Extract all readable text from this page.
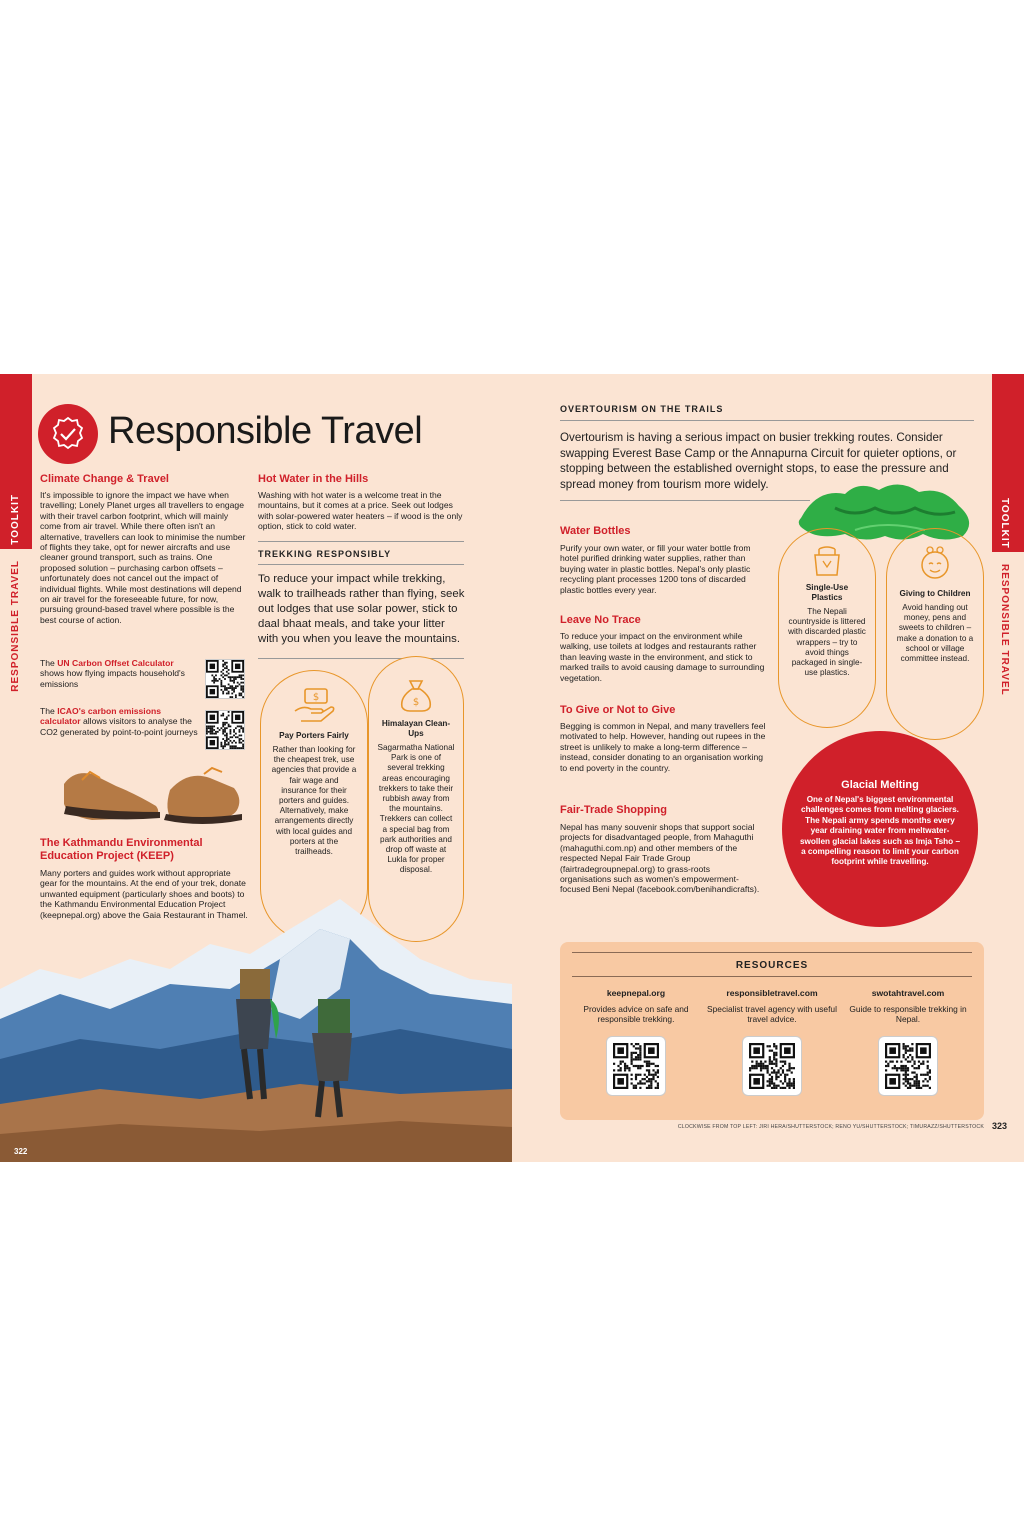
TOOLKIT
RESPONSIBLE TRAVEL
TOOLKIT
RESPONSIBLE TRAVEL
Responsible Travel
Climate Change & Travel
It's impossible to ignore the impact we have when travelling; Lonely Planet urges all travellers to engage with their travel carbon footprint, which will mainly come from air travel. While there often isn't an alternative, travellers can look to minimise the number of flights they take, opt for newer aircrafts and use cleaner ground transport, such as trains. One proposed solution – purchasing carbon offsets –unfortunately does not cancel out the impact of individual flights. While most destinations will depend on air travel for the foreseeable future, for now, pursuing ground-based travel where possible is the best course of action.
The UN Carbon Offset Calculator shows how flying impacts household's emissions
The ICAO's carbon emissions calculator allows visitors to analyse the CO2 generated by point-to-point journeys
The Kathmandu Environmental Education Project (KEEP)
Many porters and guides work without appropriate gear for the mountains. At the end of your trek, donate unwanted equipment (particularly shoes and boots) to the Kathmandu Environmental Education Project (keepnepal.org) above the Gaia Restaurant in Thamel.
Hot Water in the Hills
Washing with hot water is a welcome treat in the mountains, but it comes at a price. Seek out lodges with solar-powered water heaters – if wood is the only option, stick to cold water.
TREKKING RESPONSIBLY
To reduce your impact while trekking, walk to trailheads rather than flying, seek out lodges that use solar power, stick to daal bhaat meals, and take your litter with you when you leave the mountains.
$
Pay Porters Fairly
Rather than looking for the cheapest trek, use agencies that provide a fair wage and insurance for their porters and guides. Alternatively, make arrangements directly with local guides and porters at the trailheads.
$
Himalayan Clean-Ups
Sagarmatha National Park is one of several trekking areas encouraging trekkers to take their rubbish away from the mountains. Trekkers can collect a special bag from park authorities and drop off waste at Lukla for proper disposal.
322
OVERTOURISM ON THE TRAILS
Overtourism is having a serious impact on busier trekking routes. Consider swapping Everest Base Camp or the Annapurna Circuit for quieter options, or stopping between the established overnight stops, to ease the pressure and spread money from tourism more widely.
Water Bottles
Purify your own water, or fill your water bottle from hotel purified drinking water supplies, rather than buying water in plastic bottles. Nepal's only plastic recycling plant processes 1200 tons of discarded plastic bottles every year.
Leave No Trace
To reduce your impact on the environment while walking, use toilets at lodges and restaurants rather than leaving waste in the environment, and stick to marked trails to avoid causing damage to surrounding vegetation.
To Give or Not to Give
Begging is common in Nepal, and many travellers feel motivated to help. However, handing out rupees in the street is unlikely to make a long-term difference – instead, consider donating to an organisation working to end poverty in the country.
Fair-Trade Shopping
Nepal has many souvenir shops that support social projects for disadvantaged people, from Mahaguthi (mahaguthi.com.np) and other members of the respected Nepal Fair Trade Group (fairtradegroupnepal.org) to grass-roots organisations such as women's empowerment-focused Beni Nepal (facebook.com/benihandicrafts).
Single-Use Plastics
The Nepali countryside is littered with discarded plastic wrappers – try to avoid things packaged in single-use plastics.
Giving to Children
Avoid handing out money, pens and sweets to children – make a donation to a school or village committee instead.
Glacial Melting
One of Nepal's biggest environmental challenges comes from melting glaciers. The Nepali army spends months every year draining water from meltwater-swollen glacial lakes such as Imja Tsho – a compelling reason to limit your carbon footprint while travelling.
RESOURCES
keepnepal.org
Provides advice on safe and responsible trekking.
responsibletravel.com
Specialist travel agency with useful travel advice.
swotahtravel.com
Guide to responsible trekking in Nepal.
CLOCKWISE FROM TOP LEFT: JIRI HERA/SHUTTERSTOCK; RENO YU/SHUTTERSTOCK; TIMURAZZ/SHUTTERSTOCK 323
